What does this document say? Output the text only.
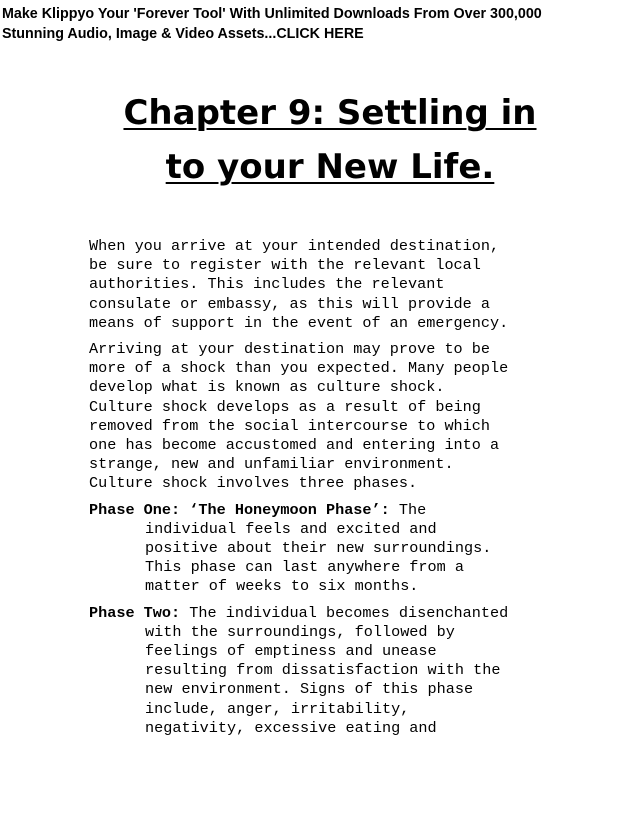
Make Klippyo Your 'Forever Tool' With Unlimited Downloads From Over 300,000
Stunning Audio, Image & Video Assets...CLICK HERE
Chapter 9: Settling in
to your New Life.

When you arrive at your intended destination,
be sure to register with the relevant local
authorities. This includes the relevant
consulate or embassy, as this will provide a
means of support in the event of an emergency.

Arriving at your destination may prove to be
more of a shock than you expected. Many people
develop what is known as culture shock.
Culture shock develops as a result of being
removed from the social intercourse to which
one has become accustomed and entering into a
strange, new and unfamiliar environment.
Culture shock involves three phases.

Phase One: ‘The Honeymoon Phase’: The
individual feels and excited and
positive about their new surroundings.
This phase can last anywhere from a
matter of weeks to six months.
Phase Two: The individual becomes disenchanted
with the surroundings, followed by
feelings of emptiness and unease
resulting from dissatisfaction with the
new environment. Signs of this phase
include, anger, irritability,
negativity, excessive eating and
